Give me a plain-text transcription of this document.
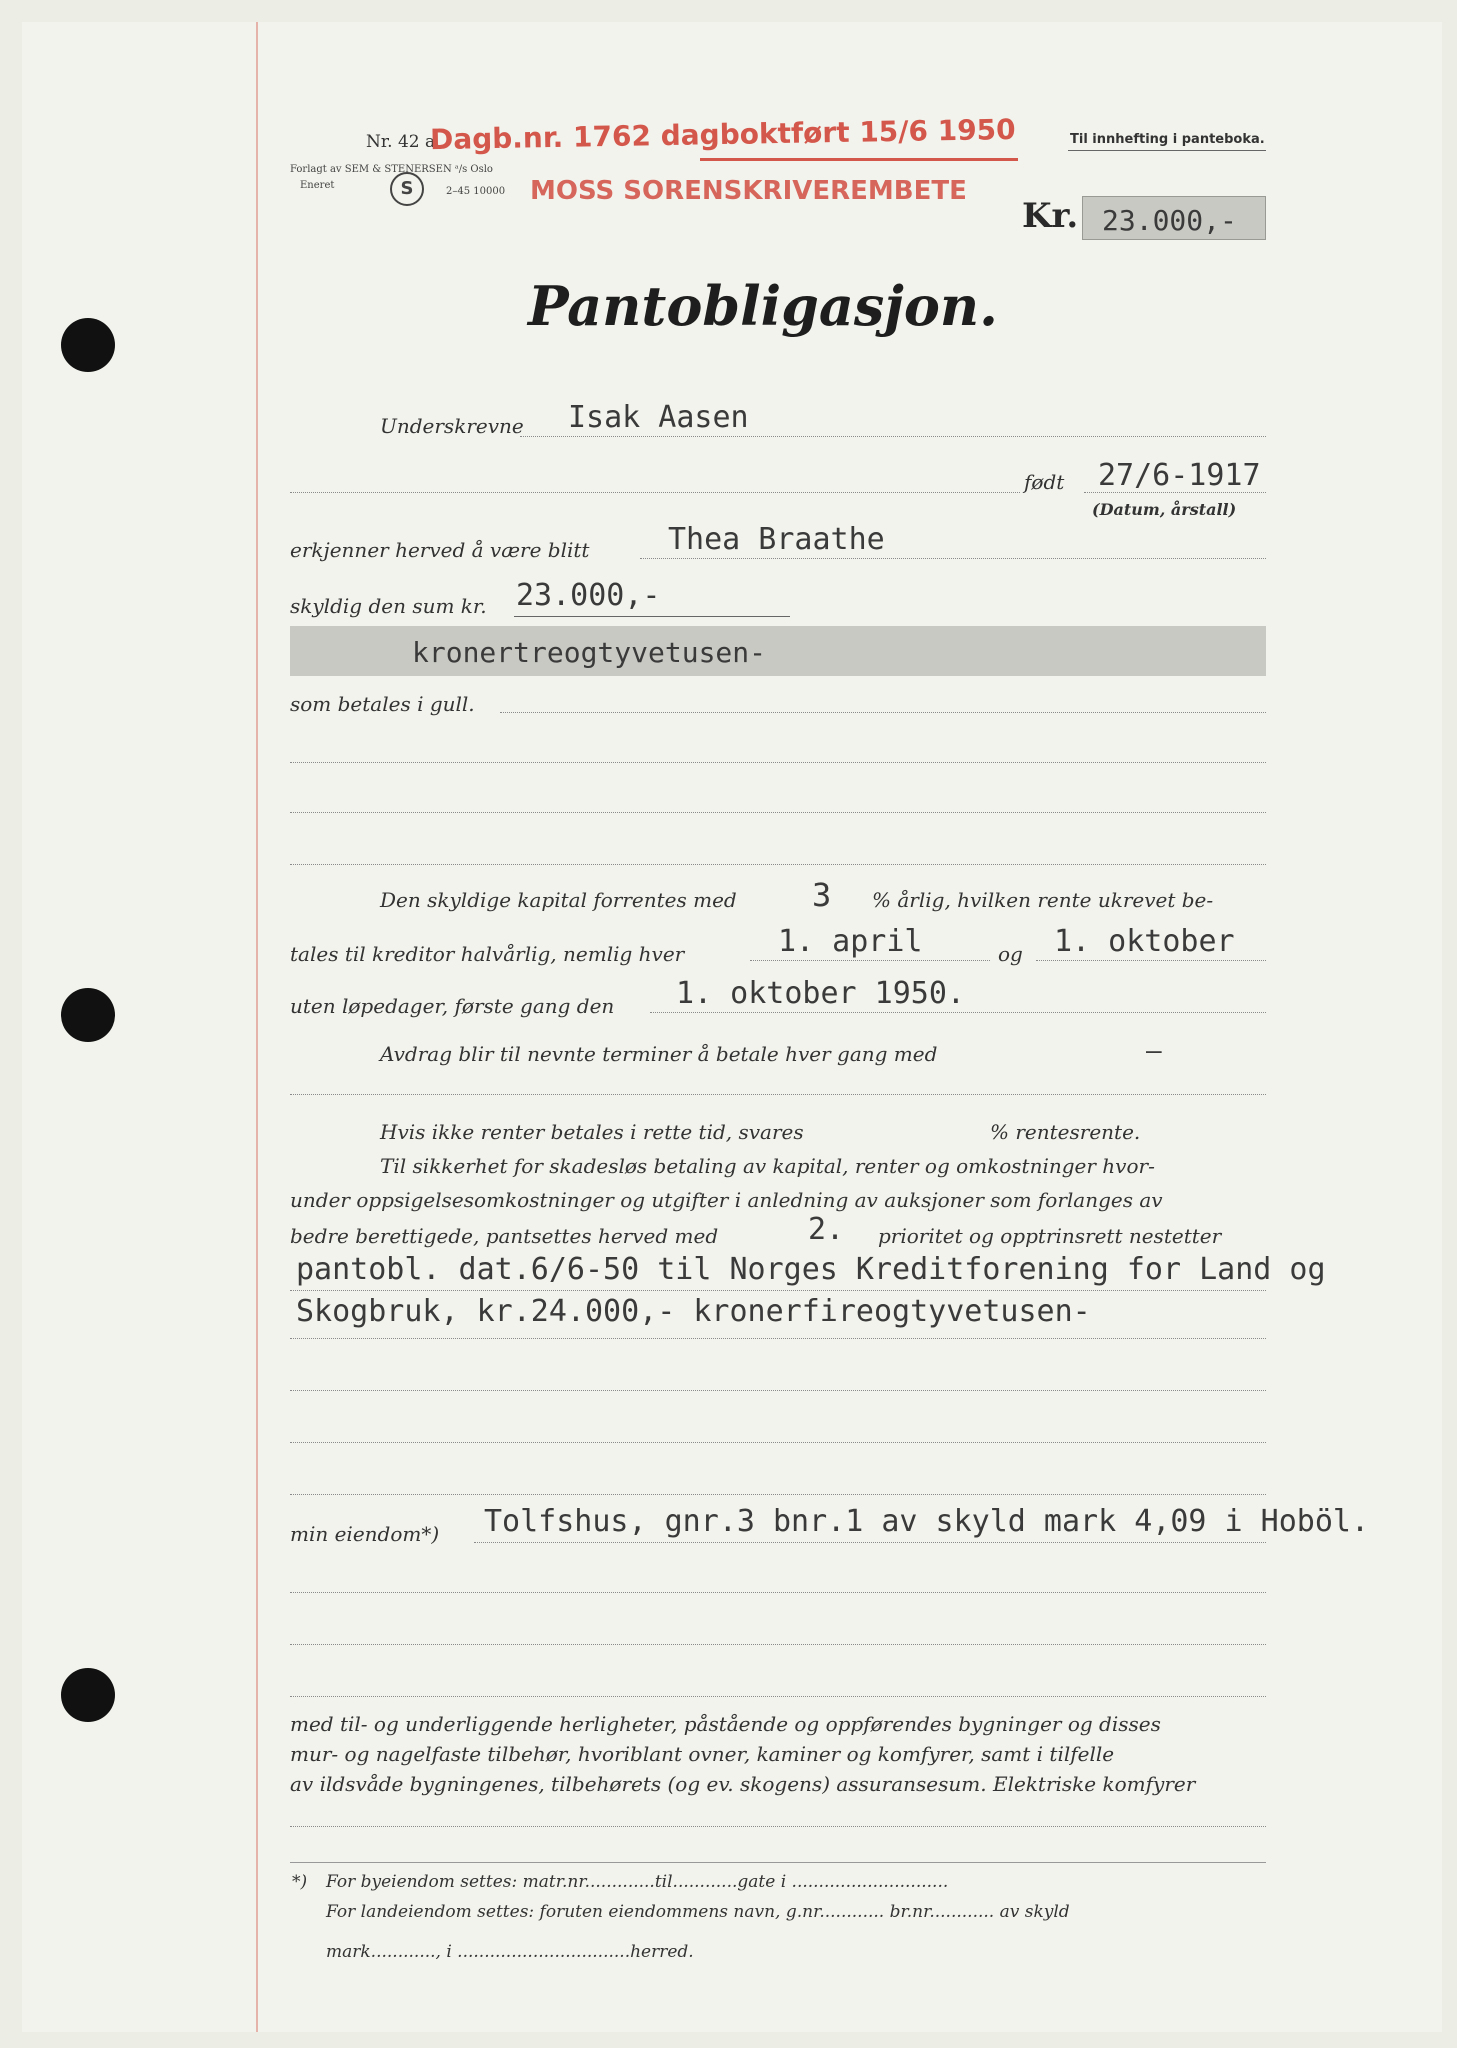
Nr. 42 a.
Forlagt av SEM & STENERSEN ᵃ/s Oslo
Eneret	S	2–45 10000
Dagb.nr. 1762 dagboktført 15/6 1950
MOSS SORENSKRIVEREMBETE
Til innhefting i panteboka.
Kr. 23.000,-
Pantobligasjon.
Underskrevne Isak Aasen
født 27/6-1917
(Datum, årstall)
erkjenner herved å være blitt	Thea Braathe
skyldig den sum kr. 23.000,-
kronertreogtyvetusen-
som betales i gull.
Den skyldige kapital forrentes med 3 % årlig, hvilken rente ukrevet be-
tales til kreditor halvårlig, nemlig hver	1. april	og 1. oktober
uten løpedager, første gang den 1. oktober 1950.
Avdrag blir til nevnte terminer å betale hver gang med	–
Hvis ikke renter betales i rette tid, svares	% rentesrente.
Til sikkerhet for skadesløs betaling av kapital, renter og omkostninger hvor-
under oppsigelsesomkostninger og utgifter i anledning av auksjoner som forlanges av
bedre berettigede, pantsettes herved med	2. prioritet og opptrinsrett nestetter
pantobl. dat.6/6-50 til Norges Kreditforening for Land og
Skogbruk, kr.24.000,- kronerfireogtyvetusen-
min eiendom*) Tolfshus, gnr.3 bnr.1 av skyld mark 4,09 i Hoböl.
med til- og underliggende herligheter, påstående og oppførendes bygninger og disses
mur- og nagelfaste tilbehør, hvoriblant ovner, kaminer og komfyrer, samt i tilfelle
av ildsvåde bygningenes, tilbehørets (og ev. skogens) assuransesum. Elektriske komfyrer
*) For byeiendom settes: matr.nr.............til............gate i .............................
For landeiendom settes: foruten eiendommens navn, g.nr............ br.nr............ av skyld
mark............, i ................................herred.
